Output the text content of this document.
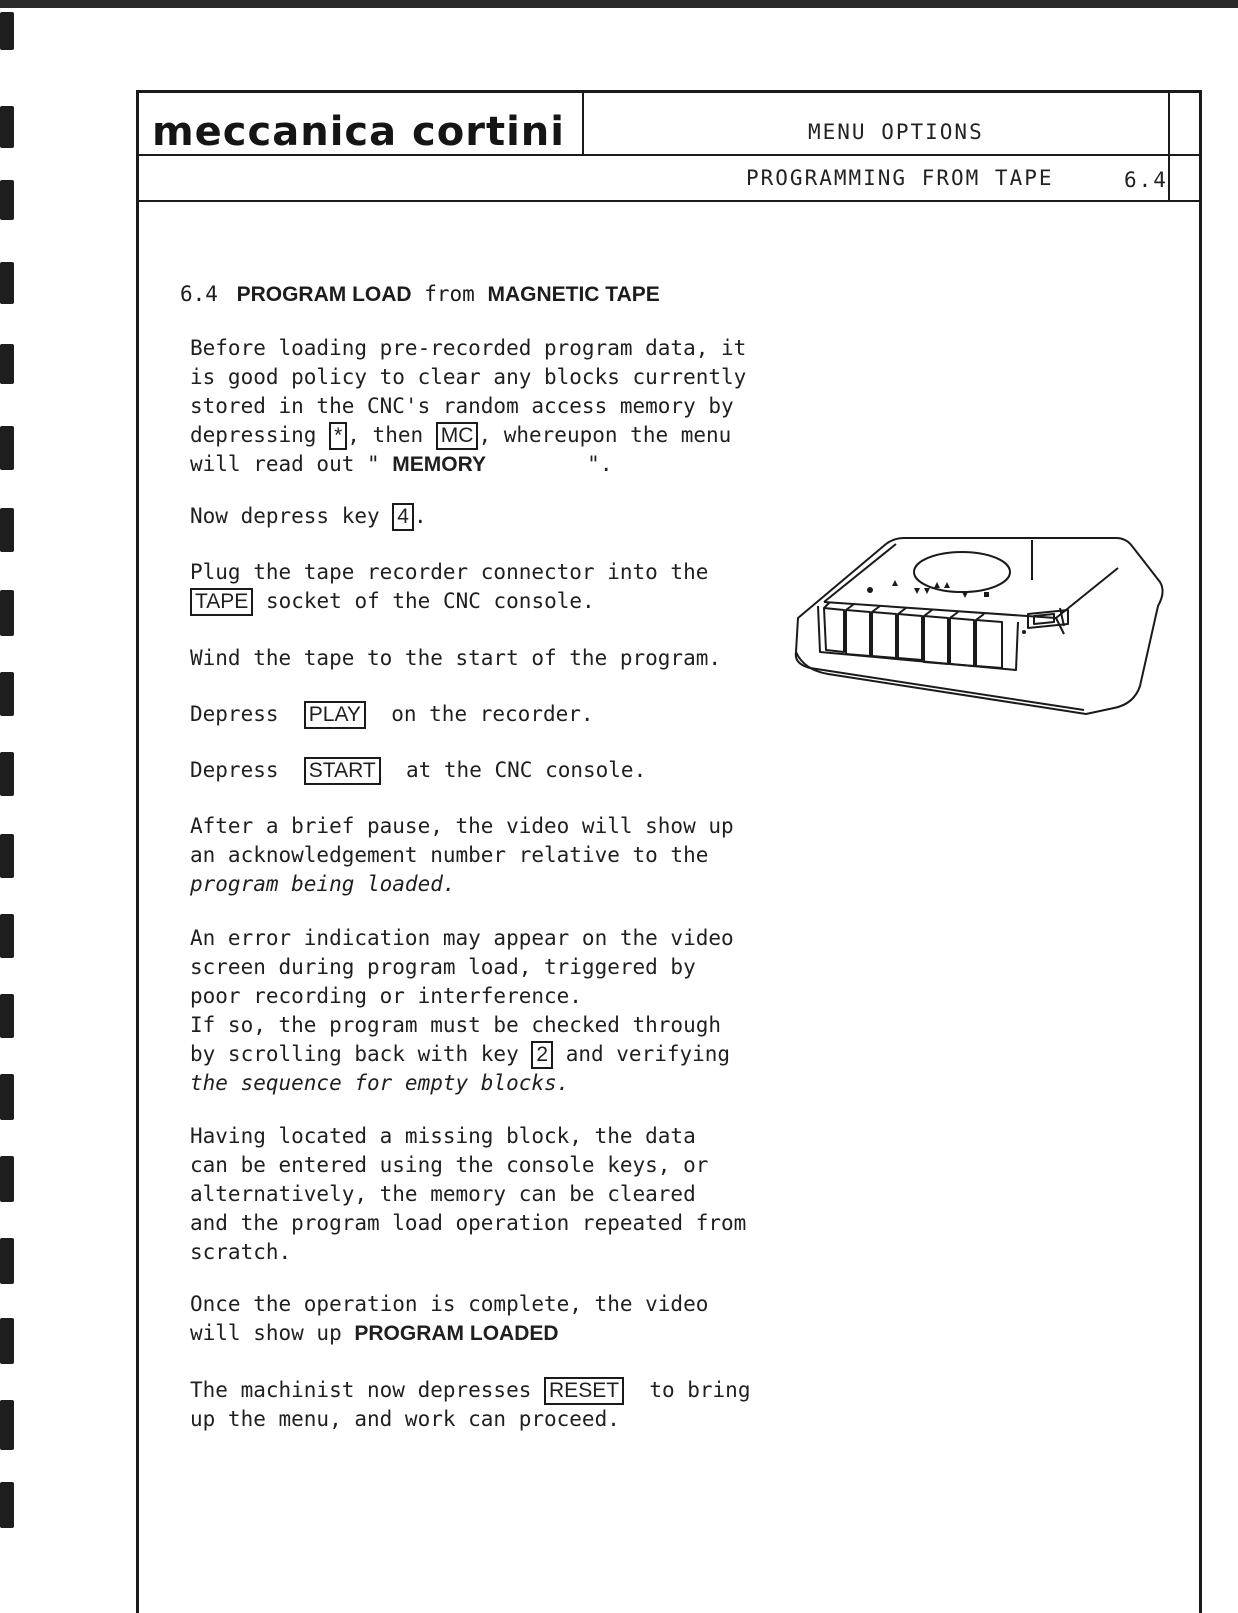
meccanica cortini	MENU OPTIONS
PROGRAMMING FROM TAPE	6.4
6.4 PROGRAM LOAD from MAGNETIC TAPE
Before loading pre-recorded program data, it
is good policy to clear any blocks currently
stored in the CNC's random access memory by
depressing * , then MC , whereupon the menu
will read out " MEMORY        ".
Now depress key 4 .
Plug the tape recorder connector into the
TAPE socket of the CNC console.
Wind the tape to the start of the program.
Depress  PLAY  on the recorder.
Depress  START  at the CNC console.
After a brief pause, the video will show up
an acknowledgement number relative to the
program being loaded.
An error indication may appear on the video
screen during program load, triggered by
poor recording or interference.
If so, the program must be checked through
by scrolling back with key 2 and verifying
the sequence for empty blocks.
Having located a missing block, the data
can be entered using the console keys, or
alternatively, the memory can be cleared
and the program load operation repeated from
scratch.
Once the operation is complete, the video
will show up PROGRAM LOADED
The machinist now depresses RESET  to bring
up the menu, and work can proceed.
